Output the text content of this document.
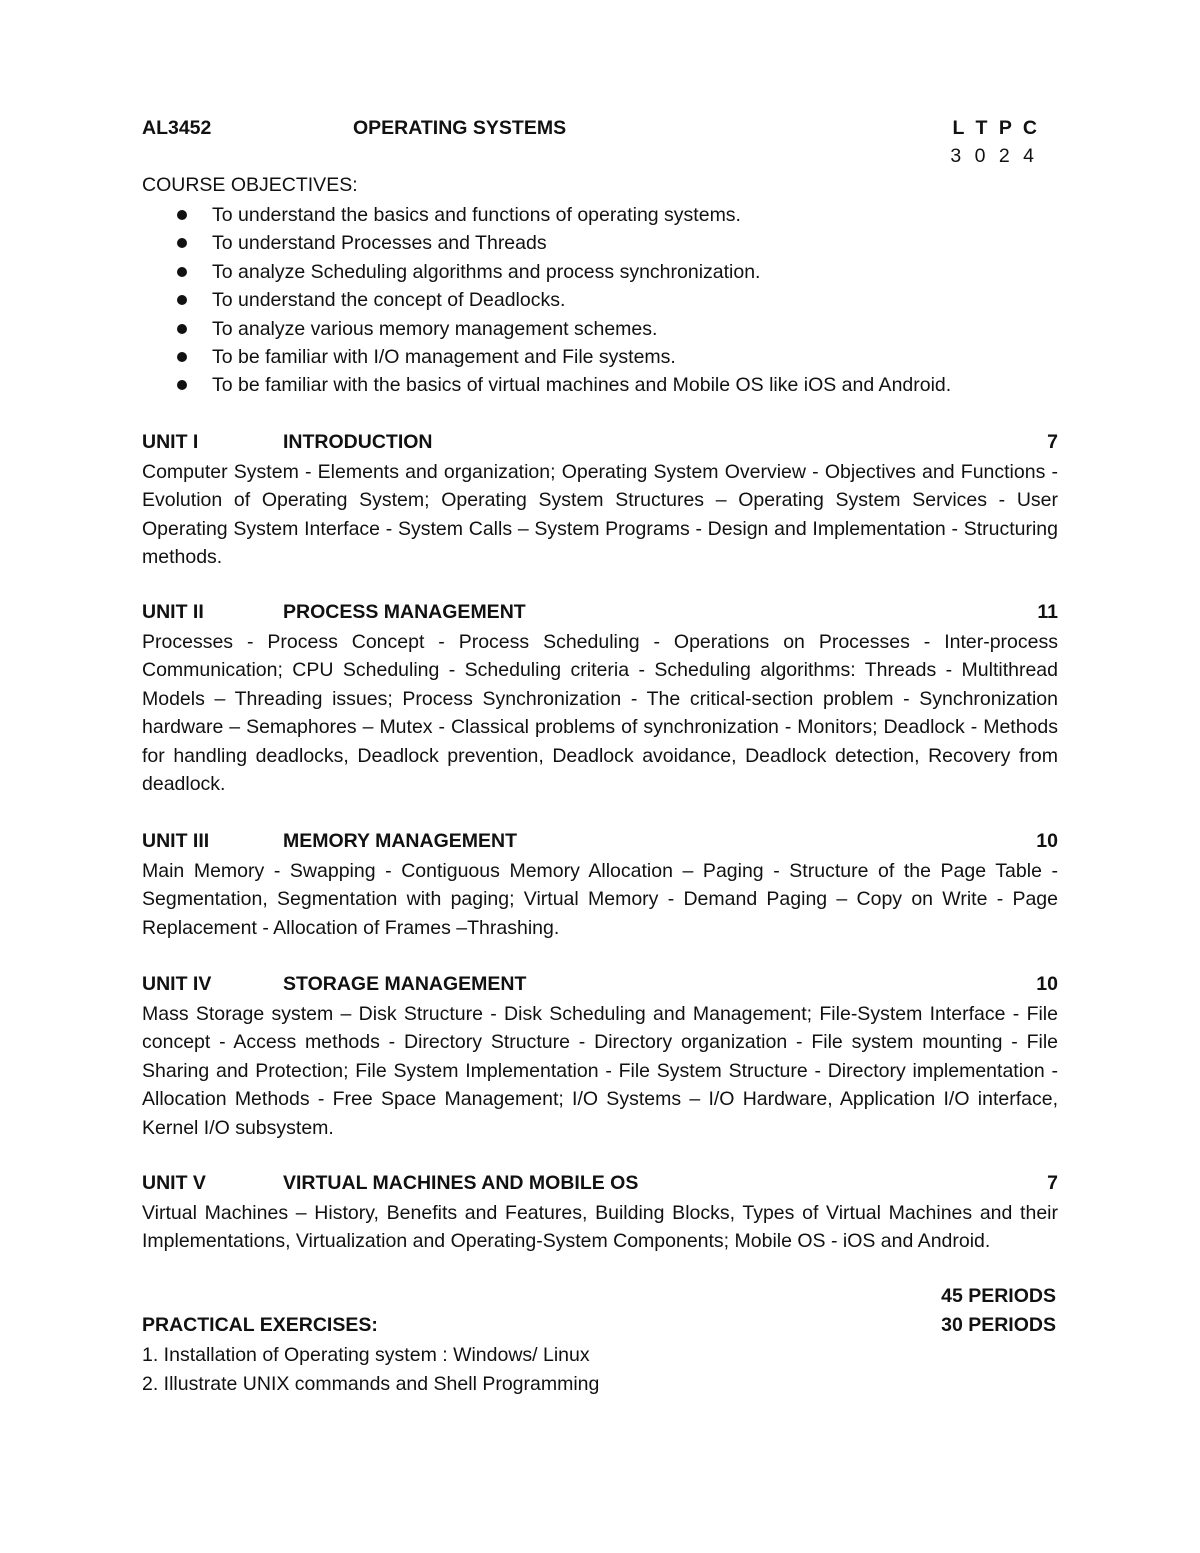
AL3452	OPERATING SYSTEMS	L T P C
3 0 2 4
COURSE OBJECTIVES:
To understand the basics and functions of operating systems.
To understand Processes and Threads
To analyze Scheduling algorithms and process synchronization.
To understand the concept of Deadlocks.
To analyze various memory management schemes.
To be familiar with I/O management and File systems.
To be familiar with the basics of virtual machines and Mobile OS like iOS and Android.
UNIT I	INTRODUCTION	7

Computer System - Elements and organization; Operating System Overview - Objectives and Functions - Evolution of Operating System; Operating System Structures – Operating System Services - User Operating System Interface - System Calls – System Programs - Design and Implementation - Structuring methods.

UNIT II	PROCESS MANAGEMENT	11

Processes - Process Concept - Process Scheduling - Operations on Processes - Inter-process Communication; CPU Scheduling - Scheduling criteria - Scheduling algorithms: Threads - Multithread Models – Threading issues; Process Synchronization - The critical-section problem - Synchronization hardware – Semaphores – Mutex - Classical problems of synchronization - Monitors; Deadlock - Methods for handling deadlocks, Deadlock prevention, Deadlock avoidance, Deadlock detection, Recovery from deadlock.

UNIT III	MEMORY MANAGEMENT	10

Main Memory - Swapping - Contiguous Memory Allocation – Paging - Structure of the Page Table - Segmentation, Segmentation with paging; Virtual Memory - Demand Paging – Copy on Write - Page Replacement - Allocation of Frames –Thrashing.

UNIT IV	STORAGE MANAGEMENT	10

Mass Storage system – Disk Structure - Disk Scheduling and Management; File-System Interface - File concept - Access methods - Directory Structure - Directory organization - File system mounting - File Sharing and Protection; File System Implementation - File System Structure - Directory implementation - Allocation Methods - Free Space Management; I/O Systems – I/O Hardware, Application I/O interface, Kernel I/O subsystem.

UNIT V	VIRTUAL MACHINES AND MOBILE OS	7

Virtual Machines – History, Benefits and Features, Building Blocks, Types of Virtual Machines and their Implementations, Virtualization and Operating-System Components; Mobile OS - iOS and Android.

45 PERIODS
PRACTICAL EXERCISES:	30 PERIODS
1. Installation of Operating system : Windows/ Linux
2. Illustrate UNIX commands and Shell Programming
